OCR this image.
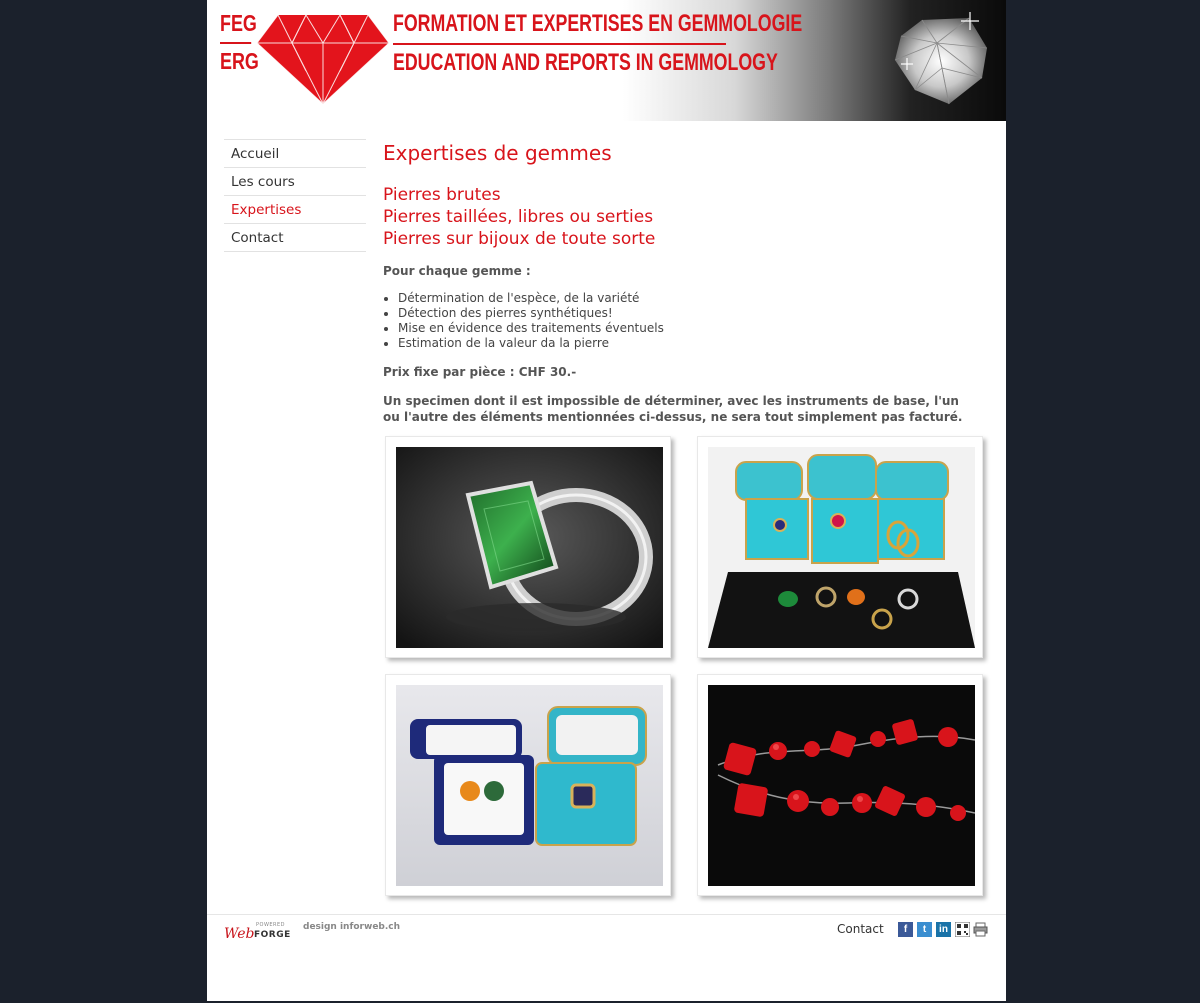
FEG
ERG
FORMATION ET EXPERTISES EN GEMMOLOGIE
EDUCATION AND REPORTS IN GEMMOLOGY
Accueil
Les cours
Expertises
Contact
Expertises de gemmes
Pierres brutes
Pierres taillées, libres ou serties
Pierres sur bijoux de toute sorte
Pour chaque gemme :
• Détermination de l'espèce, de la variété
• Détection des pierres synthétiques!
• Mise en évidence des traitements éventuels
• Estimation de la valeur da la pierre
Prix fixe par pièce : CHF 30.-
Un specimen dont il est impossible de déterminer, avec les instruments de base, l'un ou l'autre des éléments mentionnées ci-dessus, ne sera tout simplement pas facturé.
POWERED
Web FORGE
design inforweb.ch	Contact	f	t	in
